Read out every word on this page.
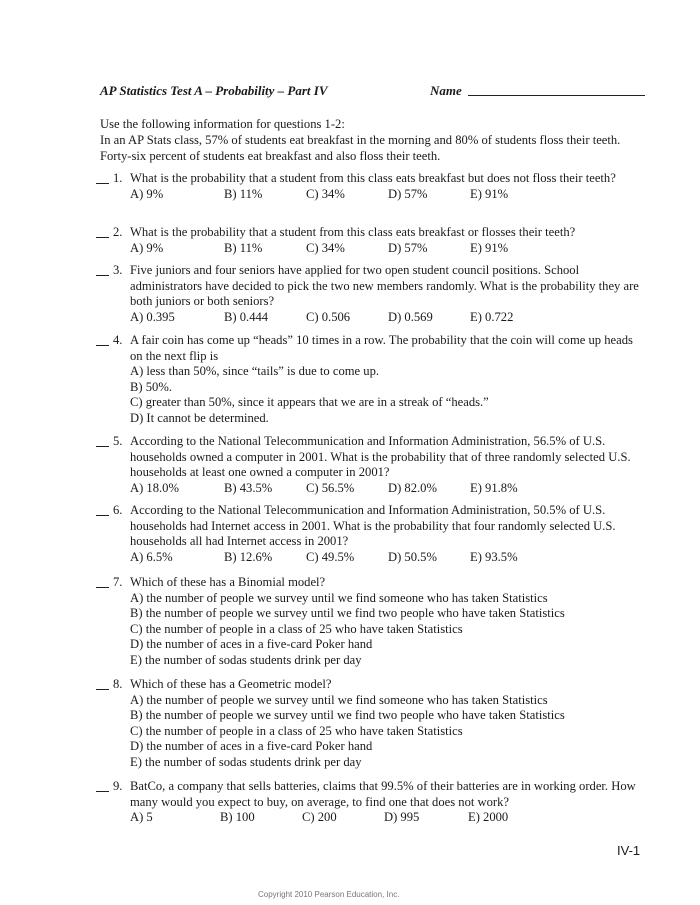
AP Statistics Test A – Probability – Part IV	Name
Use the following information for questions 1-2:
In an AP Stats class, 57% of students eat breakfast in the morning and 80% of students floss their teeth. Forty-six percent of students eat breakfast and also floss their teeth.
1. What is the probability that a student from this class eats breakfast but does not floss their teeth?
A) 9%	B) 11%	C) 34%	D) 57%	E) 91%
2. What is the probability that a student from this class eats breakfast or flosses their teeth?
A) 9%	B) 11%	C) 34%	D) 57%	E) 91%
3. Five juniors and four seniors have applied for two open student council positions. School administrators have decided to pick the two new members randomly. What is the probability they are both juniors or both seniors?
A) 0.395	B) 0.444	C) 0.506	D) 0.569	E) 0.722
4. A fair coin has come up “heads” 10 times in a row. The probability that the coin will come up heads on the next flip is
A) less than 50%, since “tails” is due to come up.
B) 50%.
C) greater than 50%, since it appears that we are in a streak of “heads.”
D) It cannot be determined.
5. According to the National Telecommunication and Information Administration, 56.5% of U.S. households owned a computer in 2001. What is the probability that of three randomly selected U.S. households at least one owned a computer in 2001?
A) 18.0%	B) 43.5%	C) 56.5%	D) 82.0%	E) 91.8%
6. According to the National Telecommunication and Information Administration, 50.5% of U.S. households had Internet access in 2001. What is the probability that four randomly selected U.S. households all had Internet access in 2001?
A) 6.5%	B) 12.6%	C) 49.5%	D) 50.5%	E) 93.5%
7. Which of these has a Binomial model?
A) the number of people we survey until we find someone who has taken Statistics
B) the number of people we survey until we find two people who have taken Statistics
C) the number of people in a class of 25 who have taken Statistics
D) the number of aces in a five-card Poker hand
E) the number of sodas students drink per day
8. Which of these has a Geometric model?
A) the number of people we survey until we find someone who has taken Statistics
B) the number of people we survey until we find two people who have taken Statistics
C) the number of people in a class of 25 who have taken Statistics
D) the number of aces in a five-card Poker hand
E) the number of sodas students drink per day
9. BatCo, a company that sells batteries, claims that 99.5% of their batteries are in working order. How many would you expect to buy, on average, to find one that does not work?
A) 5	B) 100	C) 200	D) 995	E) 2000
IV-1
Copyright 2010 Pearson Education, Inc.
